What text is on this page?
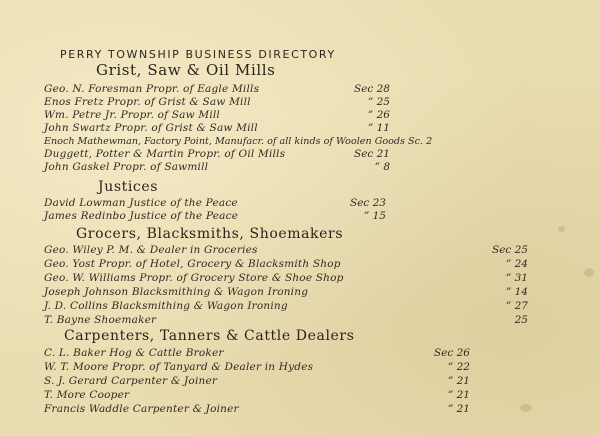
PERRY TOWNSHIP BUSINESS DIRECTORY
Grist, Saw & Oil Mills
Geo. N. Foresman Propr. of Eagle Mills	Sec 28
Enos Fretz Propr. of Grist & Saw Mill	” 25
Wm. Petre Jr. Propr. of Saw Mill	” 26
John Swartz Propr. of Grist & Saw Mill	” 11
Enoch Mathewman, Factory Point, Manufacr. of all kinds of Woolen Goods Sc. 2
Duggett, Potter & Martin Propr. of Oil Mills	Sec 21
John Gaskel Propr. of Sawmill	” 8
Justices
David Lowman Justice of the Peace	Sec 23
James Redinbo Justice of the Peace	” 15
Grocers, Blacksmiths, Shoemakers
Geo. Wiley P. M. & Dealer in Groceries	Sec 25
Geo. Yost Propr. of Hotel, Grocery & Blacksmith Shop	” 24
Geo. W. Williams Propr. of Grocery Store & Shoe Shop	” 31
Joseph Johnson Blacksmithing & Wagon Ironing	” 14
J. D. Collins Blacksmithing & Wagon Ironing	” 27
T. Bayne Shoemaker	25
Carpenters, Tanners & Cattle Dealers
C. L. Baker Hog & Cattle Broker	Sec 26
W. T. Moore Propr. of Tanyard & Dealer in Hydes	” 22
S. J. Gerard Carpenter & Joiner	” 21
T. More Cooper	” 21
Francis Waddle Carpenter & Joiner	” 21
